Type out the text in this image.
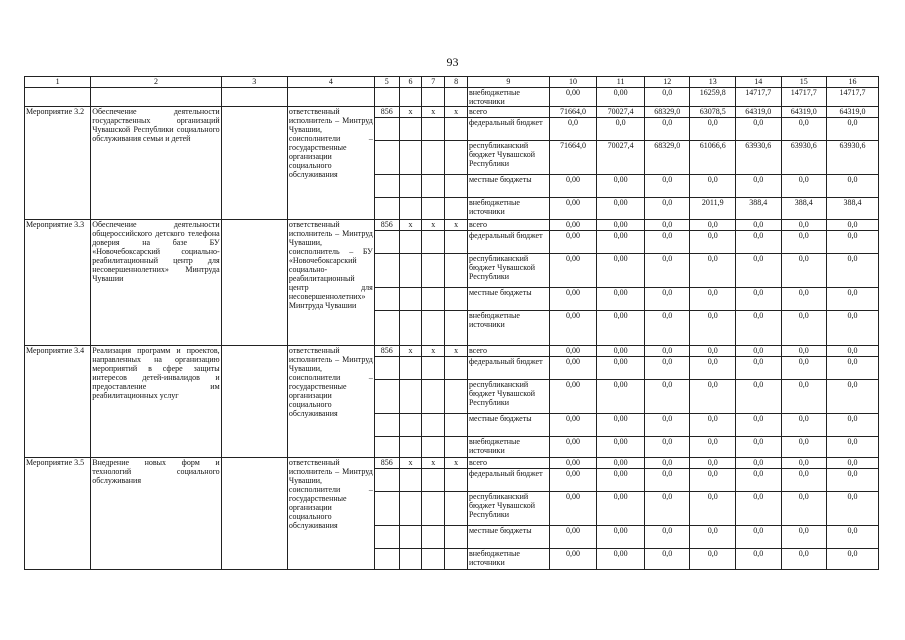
93
1	2	3	4	5	6	7	8	9	10	11	12	13	14	15	16
								внебюджетные источники	0,00	0,00	0,0	16259,8	14717,7	14717,7	14717,7
Мероприятие 3.2	Обеспечение деятельности государственных организаций Чувашской Республики социального обслуживания семьи и детей		ответственный исполнитель – Минтруд Чувашии, соисполнители – государственные организации социального обслуживания	856	x	x	x	всего	71664,0	70027,4	68329,0	63078,5	64319,0	64319,0	64319,0
								федеральный бюджет	0,0	0,0	0,0	0,0	0,0	0,0	0,0
								республиканский бюджет Чувашской Республики	71664,0	70027,4	68329,0	61066,6	63930,6	63930,6	63930,6
								местные бюджеты	0,00	0,00	0,0	0,0	0,0	0,0	0,0
								внебюджетные источники	0,00	0,00	0,0	2011,9	388,4	388,4	388,4
Мероприятие 3.3	Обеспечение деятельности общероссийского детского телефона доверия на базе БУ «Новочебоксарский социально-реабилитационный центр для несовершеннолетних» Минтруда Чувашии		ответственный исполнитель – Минтруд Чувашии, соисполнитель – БУ «Новочебоксарский социально-реабилитационный центр для несовершеннолетних» Минтруда Чувашии	856	x	x	x	всего	0,00	0,00	0,0	0,0	0,0	0,0	0,0
								федеральный бюджет	0,00	0,00	0,0	0,0	0,0	0,0	0,0
								республиканский бюджет Чувашской Республики	0,00	0,00	0,0	0,0	0,0	0,0	0,0
								местные бюджеты	0,00	0,00	0,0	0,0	0,0	0,0	0,0
								внебюджетные источники	0,00	0,00	0,0	0,0	0,0	0,0	0,0
Мероприятие 3.4	Реализация программ и проектов, направленных на организацию мероприятий в сфере защиты интересов детей-инвалидов и предоставление им реабилитационных услуг		ответственный исполнитель – Минтруд Чувашии, соисполнители – государственные организации социального обслуживания	856	x	x	x	всего	0,00	0,00	0,0	0,0	0,0	0,0	0,0
								федеральный бюджет	0,00	0,00	0,0	0,0	0,0	0,0	0,0
								республиканский бюджет Чувашской Республики	0,00	0,00	0,0	0,0	0,0	0,0	0,0
								местные бюджеты	0,00	0,00	0,0	0,0	0,0	0,0	0,0
								внебюджетные источники	0,00	0,00	0,0	0,0	0,0	0,0	0,0
Мероприятие 3.5	Внедрение новых форм и технологий социального обслуживания		ответственный исполнитель – Минтруд Чувашии, соисполнители – государственные организации социального обслуживания	856	x	x	x	всего	0,00	0,00	0,0	0,0	0,0	0,0	0,0
								федеральный бюджет	0,00	0,00	0,0	0,0	0,0	0,0	0,0
								республиканский бюджет Чувашской Республики	0,00	0,00	0,0	0,0	0,0	0,0	0,0
								местные бюджеты	0,00	0,00	0,0	0,0	0,0	0,0	0,0
								внебюджетные источники	0,00	0,00	0,0	0,0	0,0	0,0	0,0
